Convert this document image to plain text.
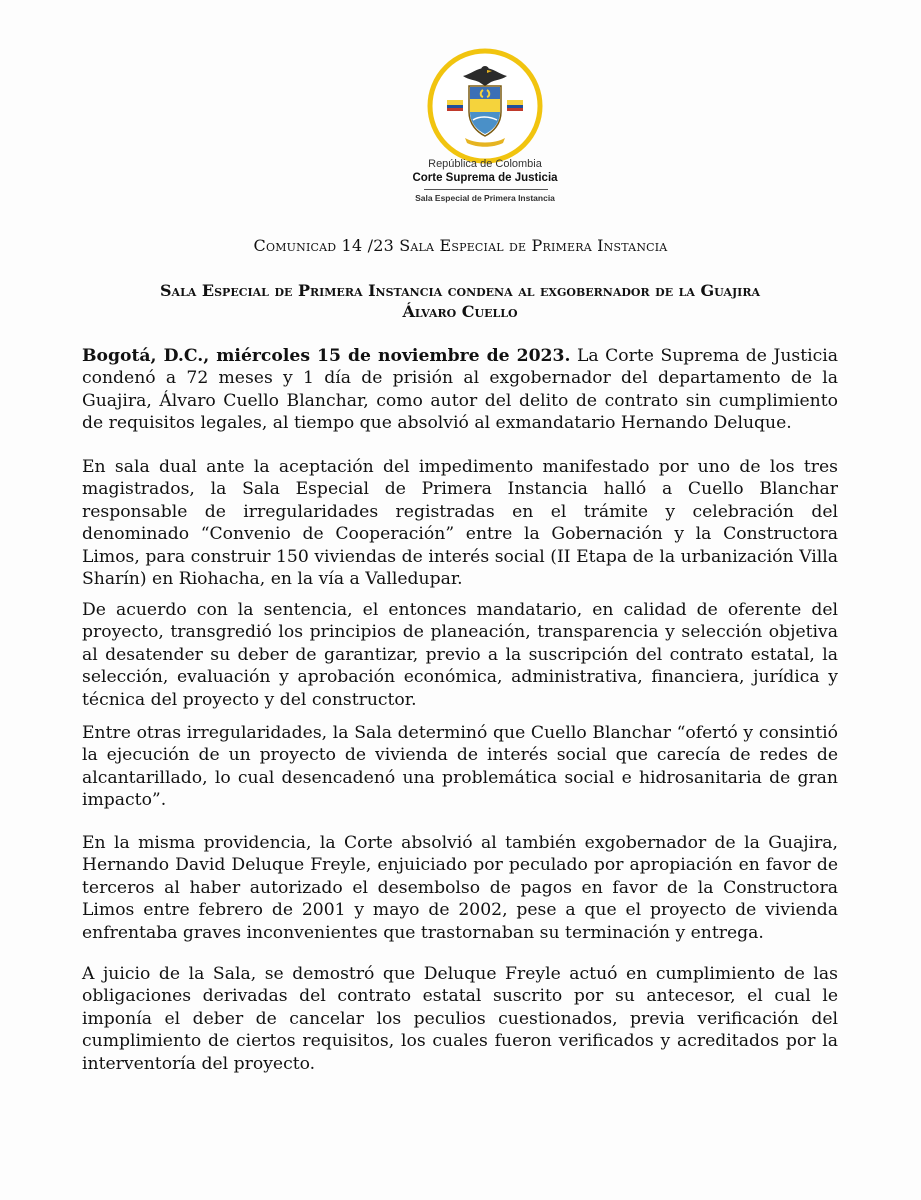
República de Colombia
Corte Suprema de Justicia
Sala Especial de Primera Instancia
Comunicad 14 /23 Sala Especial de Primera Instancia
Sala Especial de Primera Instancia condena al exgobernador de la Guajira
Álvaro Cuello

Bogotá, D.C., miércoles 15 de noviembre de 2023. La Corte Suprema de Justicia condenó a 72 meses y 1 día de prisión al exgobernador del departamento de la Guajira, Álvaro Cuello Blanchar, como autor del delito de contrato sin cumplimiento de requisitos legales, al tiempo que absolvió al exmandatario Hernando Deluque.

En sala dual ante la aceptación del impedimento manifestado por uno de los tres magistrados, la Sala Especial de Primera Instancia halló a Cuello Blanchar responsable de irregularidades registradas en el trámite y celebración del denominado “Convenio de Cooperación” entre la Gobernación y la Constructora Limos, para construir 150 viviendas de interés social (II Etapa de la urbanización Villa Sharín) en Riohacha, en la vía a Valledupar.

De acuerdo con la sentencia, el entonces mandatario, en calidad de oferente del proyecto, transgredió los principios de planeación, transparencia y selección objetiva al desatender su deber de garantizar, previo a la suscripción del contrato estatal, la selección, evaluación y aprobación económica, administrativa, financiera, jurídica y técnica del proyecto y del constructor.

Entre otras irregularidades, la Sala determinó que Cuello Blanchar “ofertó y consintió la ejecución de un proyecto de vivienda de interés social que carecía de redes de alcantarillado, lo cual desencadenó una problemática social e hidrosanitaria de gran impacto”.

En la misma providencia, la Corte absolvió al también exgobernador de la Guajira, Hernando David Deluque Freyle, enjuiciado por peculado por apropiación en favor de terceros al haber autorizado el desembolso de pagos en favor de la Constructora Limos entre febrero de 2001 y mayo de 2002, pese a que el proyecto de vivienda enfrentaba graves inconvenientes que trastornaban su terminación y entrega.

A juicio de la Sala, se demostró que Deluque Freyle actuó en cumplimiento de las obligaciones derivadas del contrato estatal suscrito por su antecesor, el cual le imponía el deber de cancelar los peculios cuestionados, previa verificación del cumplimiento de ciertos requisitos, los cuales fueron verificados y acreditados por la interventoría del proyecto.
